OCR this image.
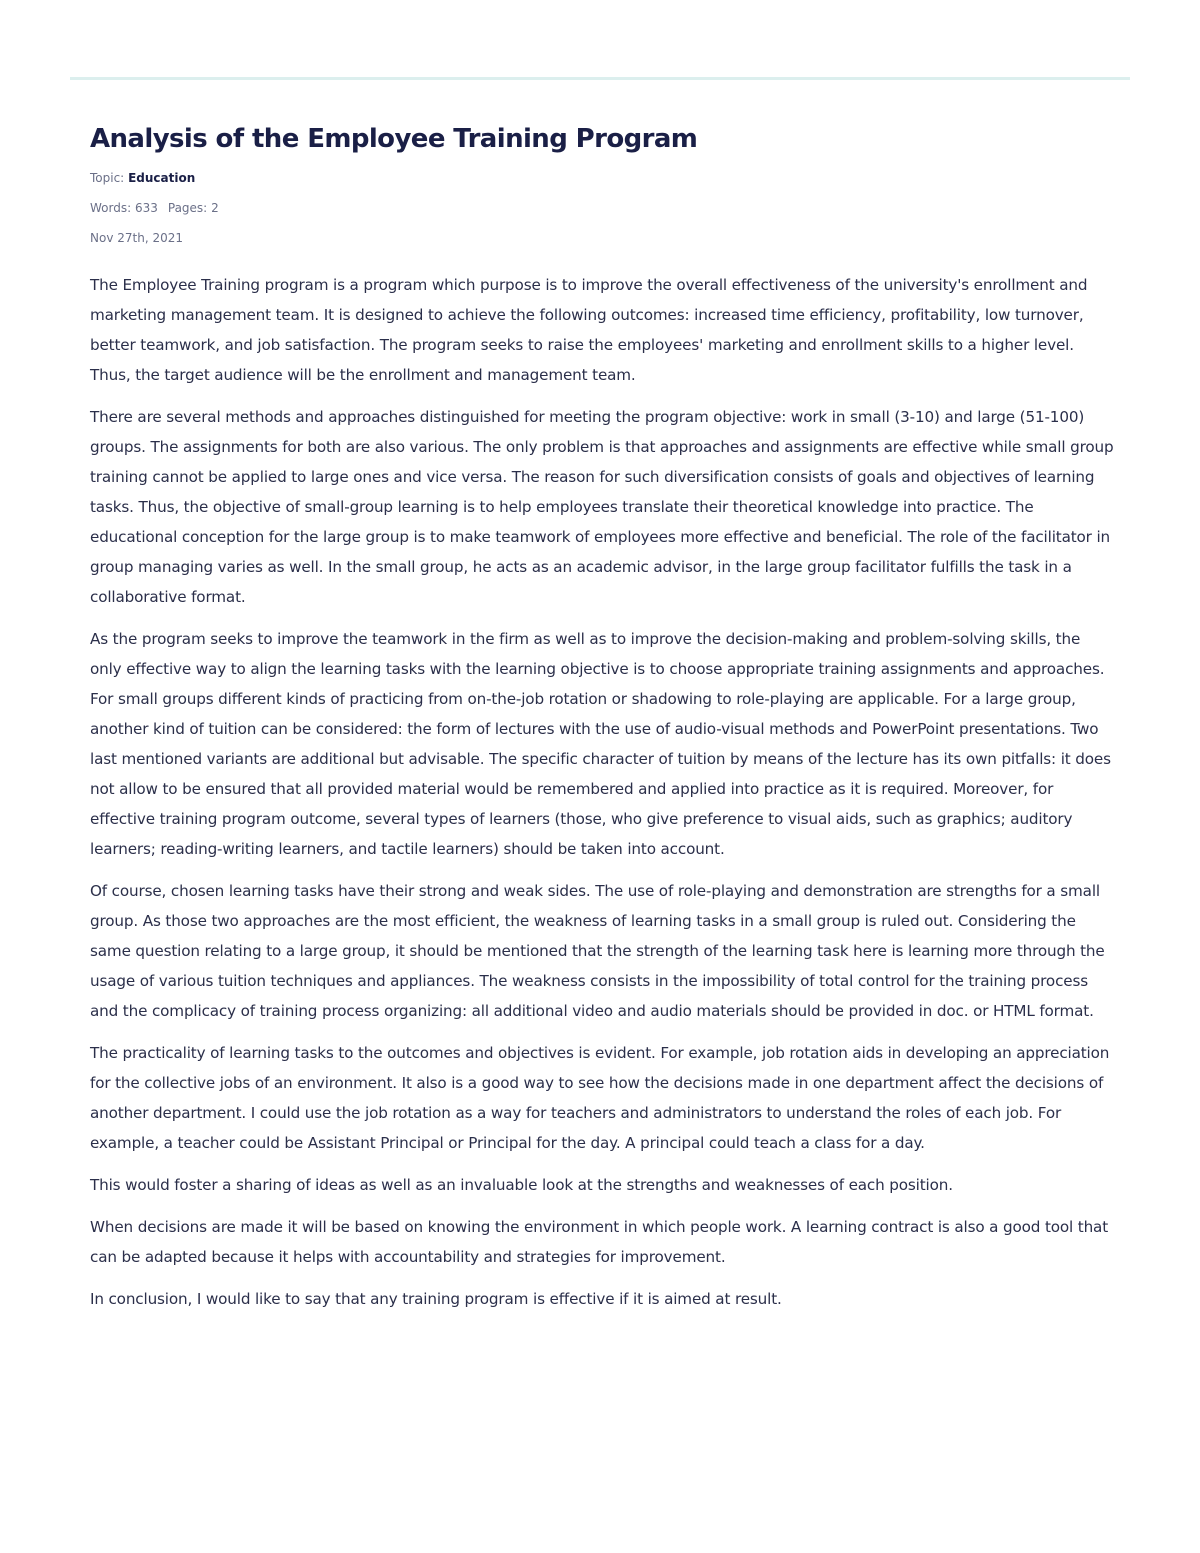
Analysis of the Employee Training Program
Topic: Education
Words: 633 Pages: 2
Nov 27th, 2021

The Employee Training program is a program which purpose is to improve the overall effectiveness of the university's enrollment and marketing management team. It is designed to achieve the following outcomes: increased time efficiency, profitability, low turnover, better teamwork, and job satisfaction. The program seeks to raise the employees' marketing and enrollment skills to a higher level. Thus, the target audience will be the enrollment and management team.

There are several methods and approaches distinguished for meeting the program objective: work in small (3-10) and large (51-100) groups. The assignments for both are also various. The only problem is that approaches and assignments are effective while small group training cannot be applied to large ones and vice versa. The reason for such diversification consists of goals and objectives of learning tasks. Thus, the objective of small-group learning is to help employees translate their theoretical knowledge into practice. The educational conception for the large group is to make teamwork of employees more effective and beneficial. The role of the facilitator in group managing varies as well. In the small group, he acts as an academic advisor, in the large group facilitator fulfills the task in a collaborative format.

As the program seeks to improve the teamwork in the firm as well as to improve the decision-making and problem-solving skills, the only effective way to align the learning tasks with the learning objective is to choose appropriate training assignments and approaches. For small groups different kinds of practicing from on-the-job rotation or shadowing to role-playing are applicable. For a large group, another kind of tuition can be considered: the form of lectures with the use of audio-visual methods and PowerPoint presentations. Two last mentioned variants are additional but advisable. The specific character of tuition by means of the lecture has its own pitfalls: it does not allow to be ensured that all provided material would be remembered and applied into practice as it is required. Moreover, for effective training program outcome, several types of learners (those, who give preference to visual aids, such as graphics; auditory learners; reading-writing learners, and tactile learners) should be taken into account.

Of course, chosen learning tasks have their strong and weak sides. The use of role-playing and demonstration are strengths for a small group. As those two approaches are the most efficient, the weakness of learning tasks in a small group is ruled out. Considering the same question relating to a large group, it should be mentioned that the strength of the learning task here is learning more through the usage of various tuition techniques and appliances. The weakness consists in the impossibility of total control for the training process and the complicacy of training process organizing: all additional video and audio materials should be provided in doc. or HTML format.

The practicality of learning tasks to the outcomes and objectives is evident. For example, job rotation aids in developing an appreciation for the collective jobs of an environment. It also is a good way to see how the decisions made in one department affect the decisions of another department. I could use the job rotation as a way for teachers and administrators to understand the roles of each job. For example, a teacher could be Assistant Principal or Principal for the day. A principal could teach a class for a day.

This would foster a sharing of ideas as well as an invaluable look at the strengths and weaknesses of each position.

When decisions are made it will be based on knowing the environment in which people work. A learning contract is also a good tool that can be adapted because it helps with accountability and strategies for improvement.

In conclusion, I would like to say that any training program is effective if it is aimed at result.
